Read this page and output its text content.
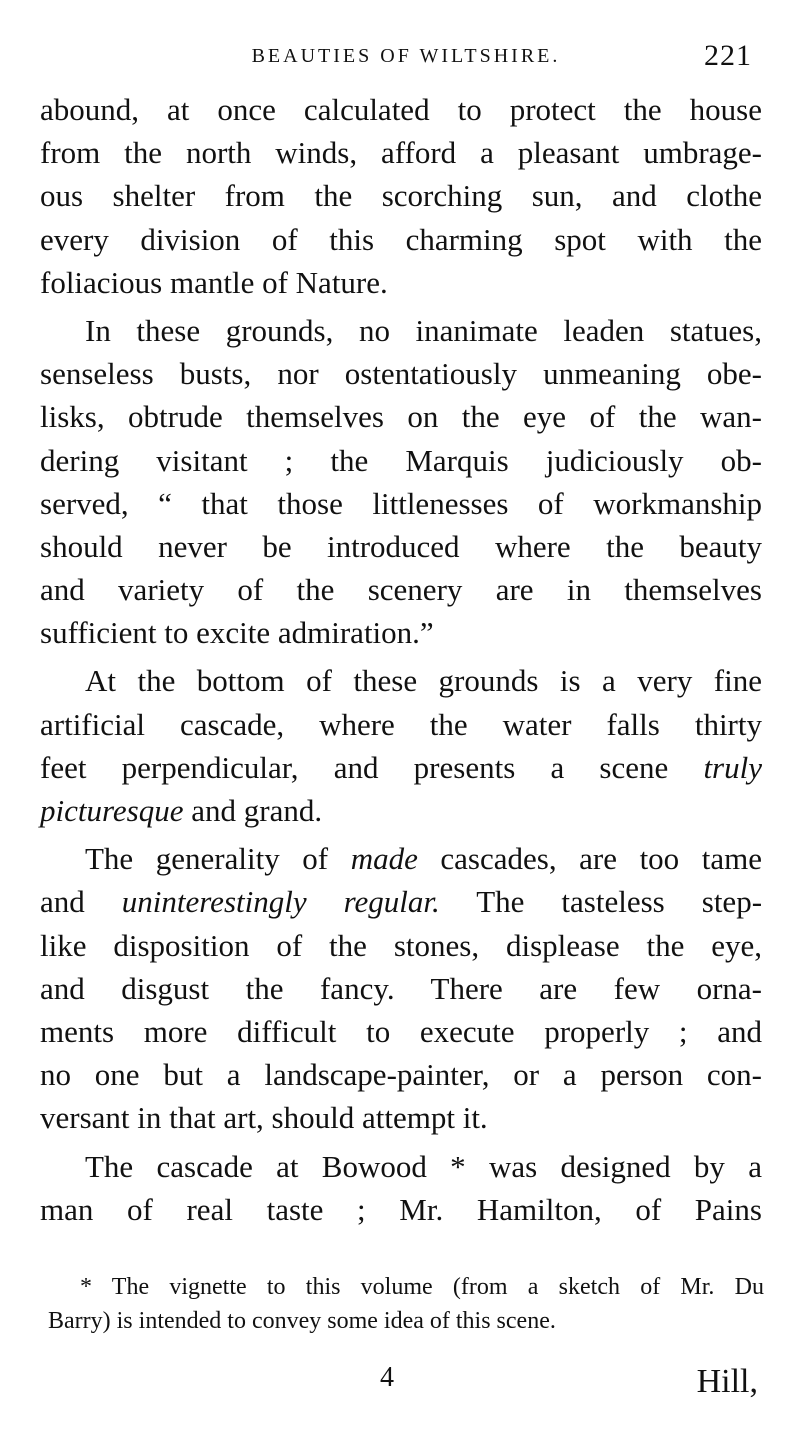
BEAUTIES OF WILTSHIRE.	221

abound, at once calculated to protect the house
from the north winds, afford a pleasant umbrage-
ous shelter from the scorching sun, and clothe
every division of this charming spot with the
foliacious mantle of Nature.

In these grounds, no inanimate leaden statues,
senseless busts, nor ostentatiously unmeaning obe-
lisks, obtrude themselves on the eye of the wan-
dering visitant ; the Marquis judiciously ob-
served, “ that those littlenesses of workmanship
should never be introduced where the beauty
and variety of the scenery are in themselves
sufficient to excite admiration.”

At the bottom of these grounds is a very fine
artificial cascade, where the water falls thirty
feet perpendicular, and presents a scene truly
picturesque and grand.

The generality of made cascades, are too tame
and uninterestingly regular. The tasteless step-
like disposition of the stones, displease the eye,
and disgust the fancy. There are few orna-
ments more difficult to execute properly ; and
no one but a landscape-painter, or a person con-
versant in that art, should attempt it.

The cascade at Bowood * was designed by a
man of real taste ; Mr. Hamilton, of Pains

* The vignette to this volume (from a sketch of Mr. Du
Barry) is intended to convey some idea of this scene.
4	Hill,
